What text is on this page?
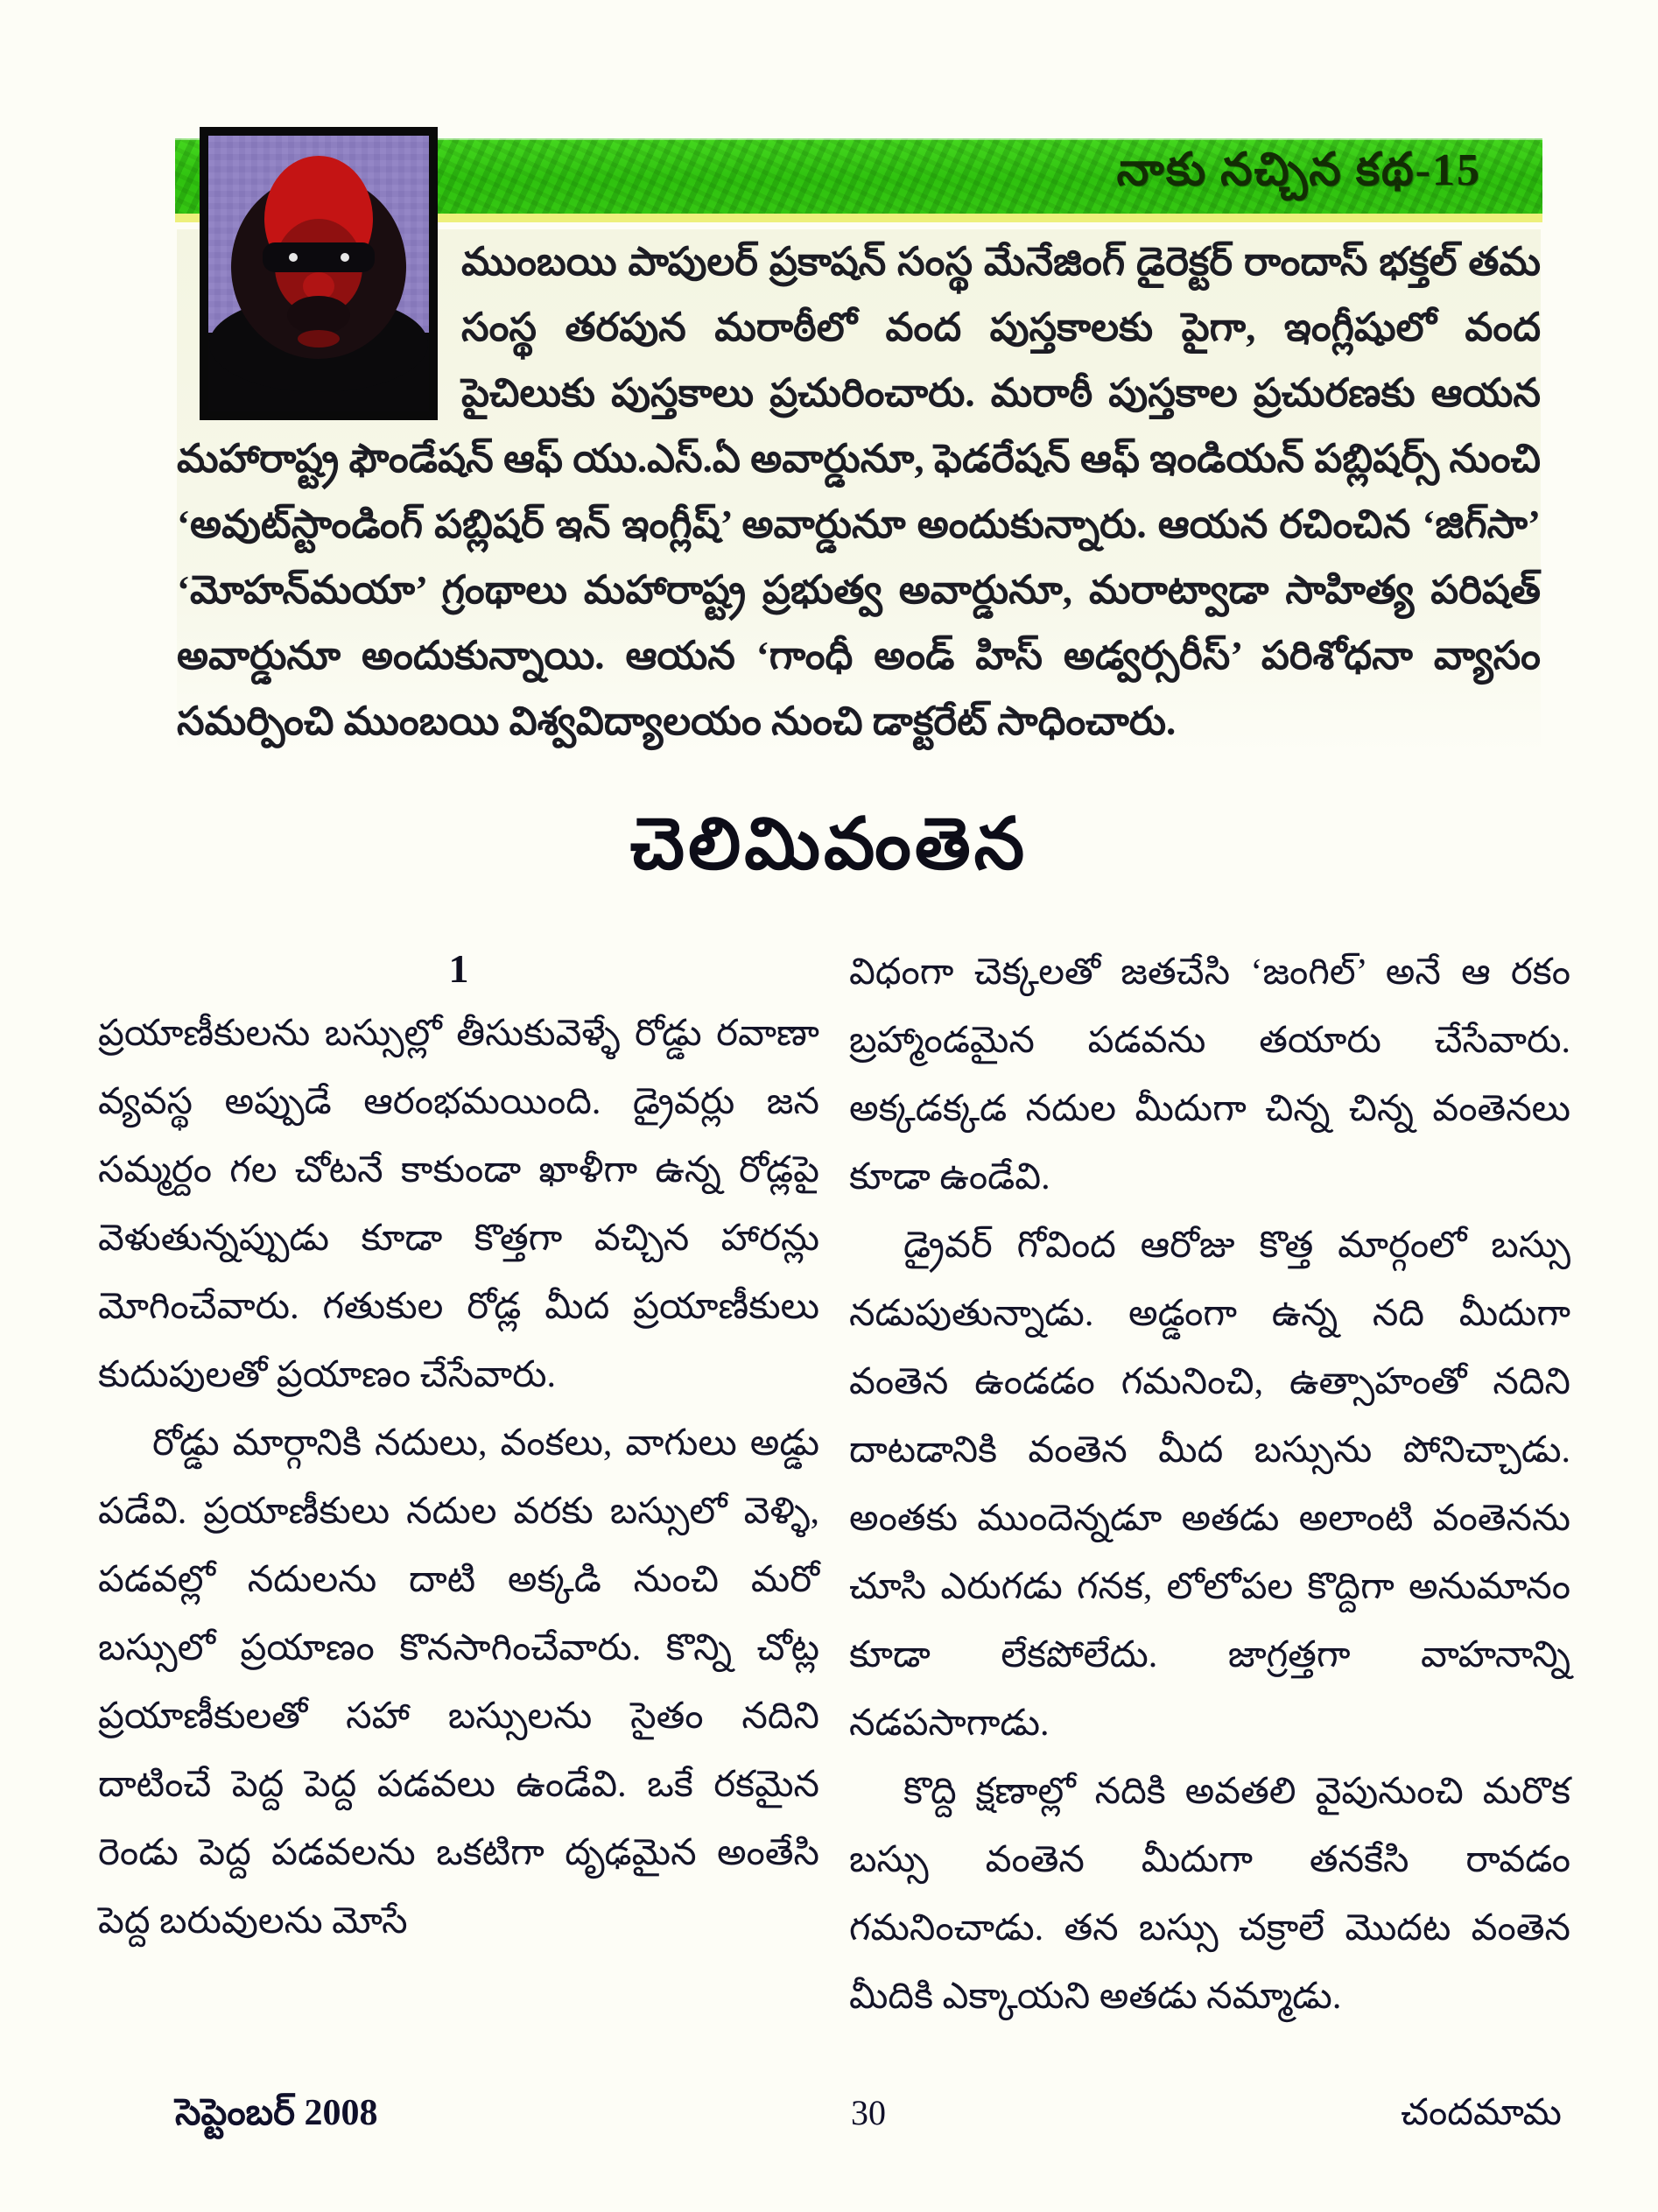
నాకు నచ్చిన కథ-15
ముంబయి పాపులర్ ప్రకాషన్ సంస్థ మేనేజింగ్ డైరెక్టర్ రాందాస్ భక్తల్ తమ సంస్థ తరపున మరాఠీలో వంద పుస్తకాలకు పైగా, ఇంగ్లీషులో వంద పైచిలుకు పుస్తకాలు ప్రచురించారు. మరాఠీ పుస్తకాల ప్రచురణకు ఆయన మహారాష్ట్ర ఫౌండేషన్ ఆఫ్ యు.ఎస్.ఏ అవార్డునూ, ఫెడరేషన్ ఆఫ్ ఇండియన్ పబ్లిషర్స్ నుంచి ‘అవుట్‌స్టాండింగ్ పబ్లిషర్ ఇన్ ఇంగ్లీష్’ అవార్డునూ అందుకున్నారు. ఆయన రచించిన ‘జిగ్‌సా’ ‘మోహన్‌మయా’ గ్రంథాలు మహారాష్ట్ర ప్రభుత్వ అవార్డునూ, మరాట్వాడా సాహిత్య పరిషత్ అవార్డునూ అందుకున్నాయి. ఆయన ‘గాంధీ అండ్ హిస్ అడ్వర్సరీస్’ పరిశోధనా వ్యాసం సమర్పించి ముంబయి విశ్వవిద్యాలయం నుంచి డాక్టరేట్ సాధించారు.
చెలిమివంతెన
1

ప్రయాణీకులను బస్సుల్లో తీసుకువెళ్ళే రోడ్డు రవాణా వ్యవస్థ అప్పుడే ఆరంభమయింది. డ్రైవర్లు జన సమ్మర్దం గల చోటనే కాకుండా ఖాళీగా ఉన్న రోడ్లపై వెళుతున్నప్పుడు కూడా కొత్తగా వచ్చిన హారన్లు మోగించేవారు. గతుకుల రోడ్ల మీద ప్రయాణీకులు కుదుపులతో ప్రయాణం చేసేవారు.

రోడ్డు మార్గానికి నదులు, వంకలు, వాగులు అడ్డు పడేవి. ప్రయాణీకులు నదుల వరకు బస్సులో వెళ్ళి, పడవల్లో నదులను దాటి అక్కడి నుంచి మరో బస్సులో ప్రయాణం కొనసాగించేవారు. కొన్ని చోట్ల ప్రయాణీకులతో సహా బస్సులను సైతం నదిని దాటించే పెద్ద పెద్ద పడవలు ఉండేవి. ఒకే రకమైన రెండు పెద్ద పడవలను ఒకటిగా దృఢమైన అంతేసి పెద్ద బరువులను మోసే

విధంగా చెక్కలతో జతచేసి ‘జంగిల్’ అనే ఆ రకం బ్రహ్మాండమైన పడవను తయారు చేసేవారు. అక్కడక్కడ నదుల మీదుగా చిన్న చిన్న వంతెనలు కూడా ఉండేవి.

డ్రైవర్ గోవింద ఆరోజు కొత్త మార్గంలో బస్సు నడుపుతున్నాడు. అడ్డంగా ఉన్న నది మీదుగా వంతెన ఉండడం గమనించి, ఉత్సాహంతో నదిని దాటడానికి వంతెన మీద బస్సును పోనిచ్చాడు. అంతకు ముందెన్నడూ అతడు అలాంటి వంతెనను చూసి ఎరుగడు గనక, లోలోపల కొద్దిగా అనుమానం కూడా లేకపోలేదు. జాగ్రత్తగా వాహనాన్ని నడపసాగాడు.

కొద్ది క్షణాల్లో నదికి అవతలి వైపునుంచి మరొక బస్సు వంతెన మీదుగా తనకేసి రావడం గమనించాడు. తన బస్సు చక్రాలే మొదట వంతెన మీదికి ఎక్కాయని అతడు నమ్మాడు.

సెప్టెంబర్ 2008	30	చందమామ
